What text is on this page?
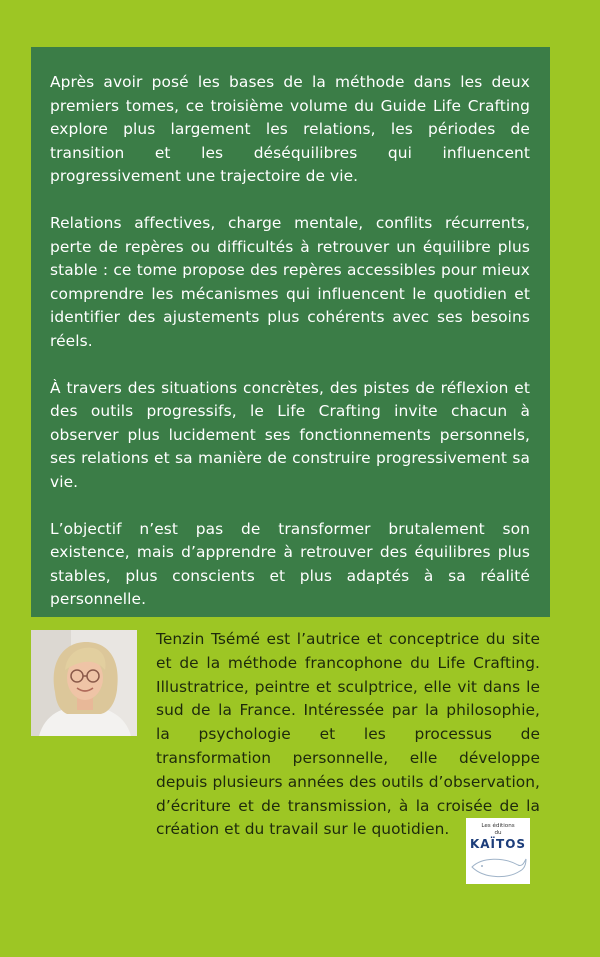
Après avoir posé les bases de la méthode dans les deux premiers tomes, ce troisième volume du Guide Life Crafting explore plus largement les relations, les périodes de transition et les déséquilibres qui influencent progressivement une trajectoire de vie.

Relations affectives, charge mentale, conflits récurrents, perte de repères ou difficultés à retrouver un équilibre plus stable : ce tome propose des repères accessibles pour mieux comprendre les mécanismes qui influencent le quotidien et identifier des ajustements plus cohérents avec ses besoins réels.

À travers des situations concrètes, des pistes de réflexion et des outils progressifs, le Life Crafting invite chacun à observer plus lucidement ses fonctionnements personnels, ses relations et sa manière de construire progressivement sa vie.

L’objectif n’est pas de transformer brutalement son existence, mais d’apprendre à retrouver des équilibres plus stables, plus conscients et plus adaptés à sa réalité personnelle.

Tenzin Tsémé est l’autrice et conceptrice du site et de la méthode francophone du Life Crafting. Illustratrice, peintre et sculptrice, elle vit dans le sud de la France. Intéressée par la philosophie, la psychologie et les processus de transformation personnelle, elle développe depuis plusieurs années des outils d’observation, d’écriture et de transmission, à la croisée de la création et du travail sur le quotidien.	Les éditions
du
KAÏTOS
